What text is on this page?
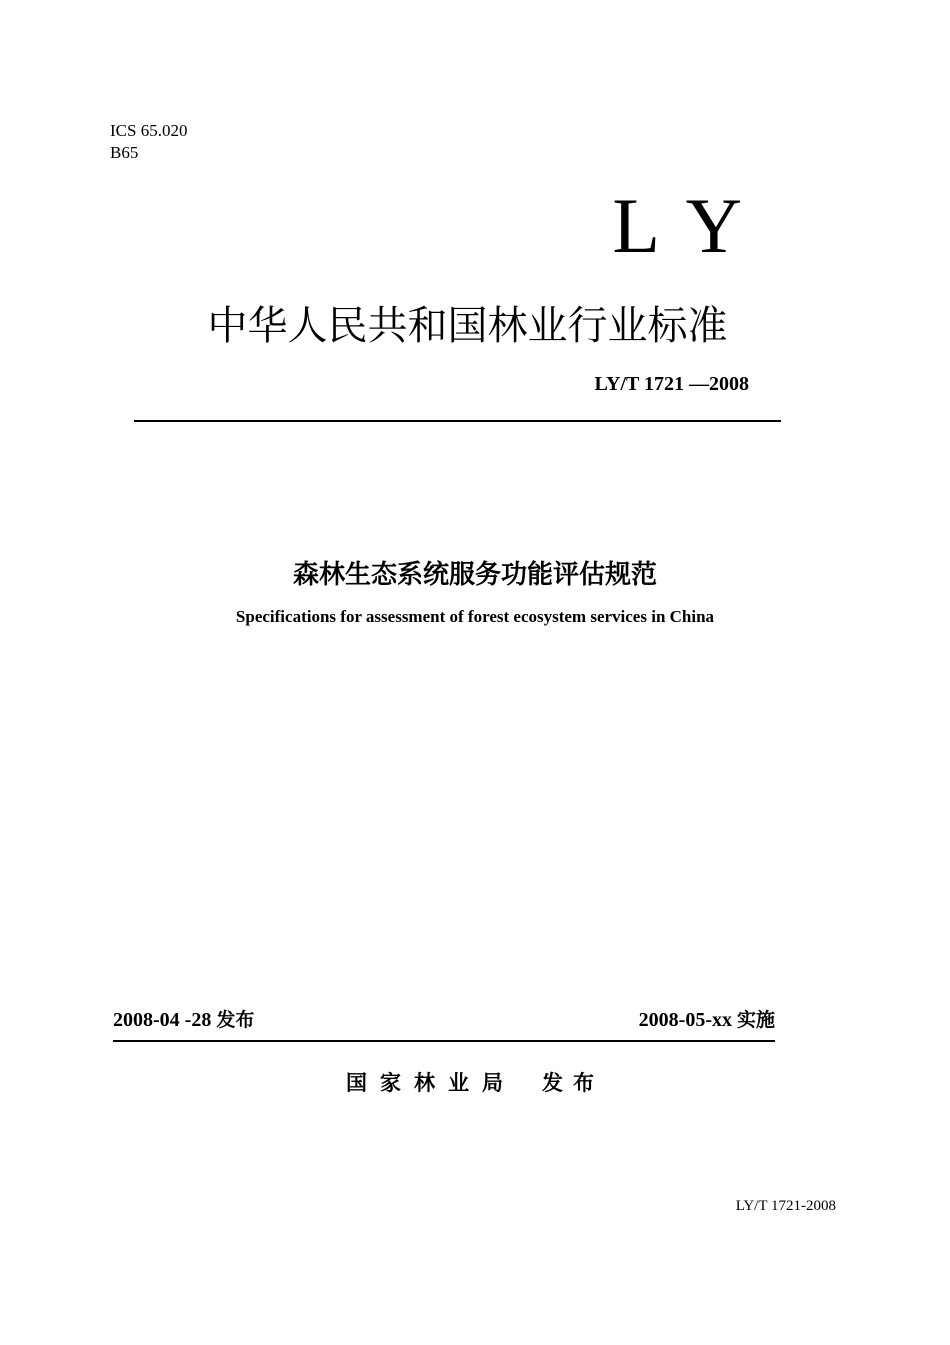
ICS 65.020
B65
L Y
中华人民共和国林业行业标准
LY/T 1721 —2008
森林生态系统服务功能评估规范
Specifications for assessment of forest ecosystem services in China
2008-04 -28 发布	2008-05-xx 实施
国家林业局 发布
LY/T 1721-2008
